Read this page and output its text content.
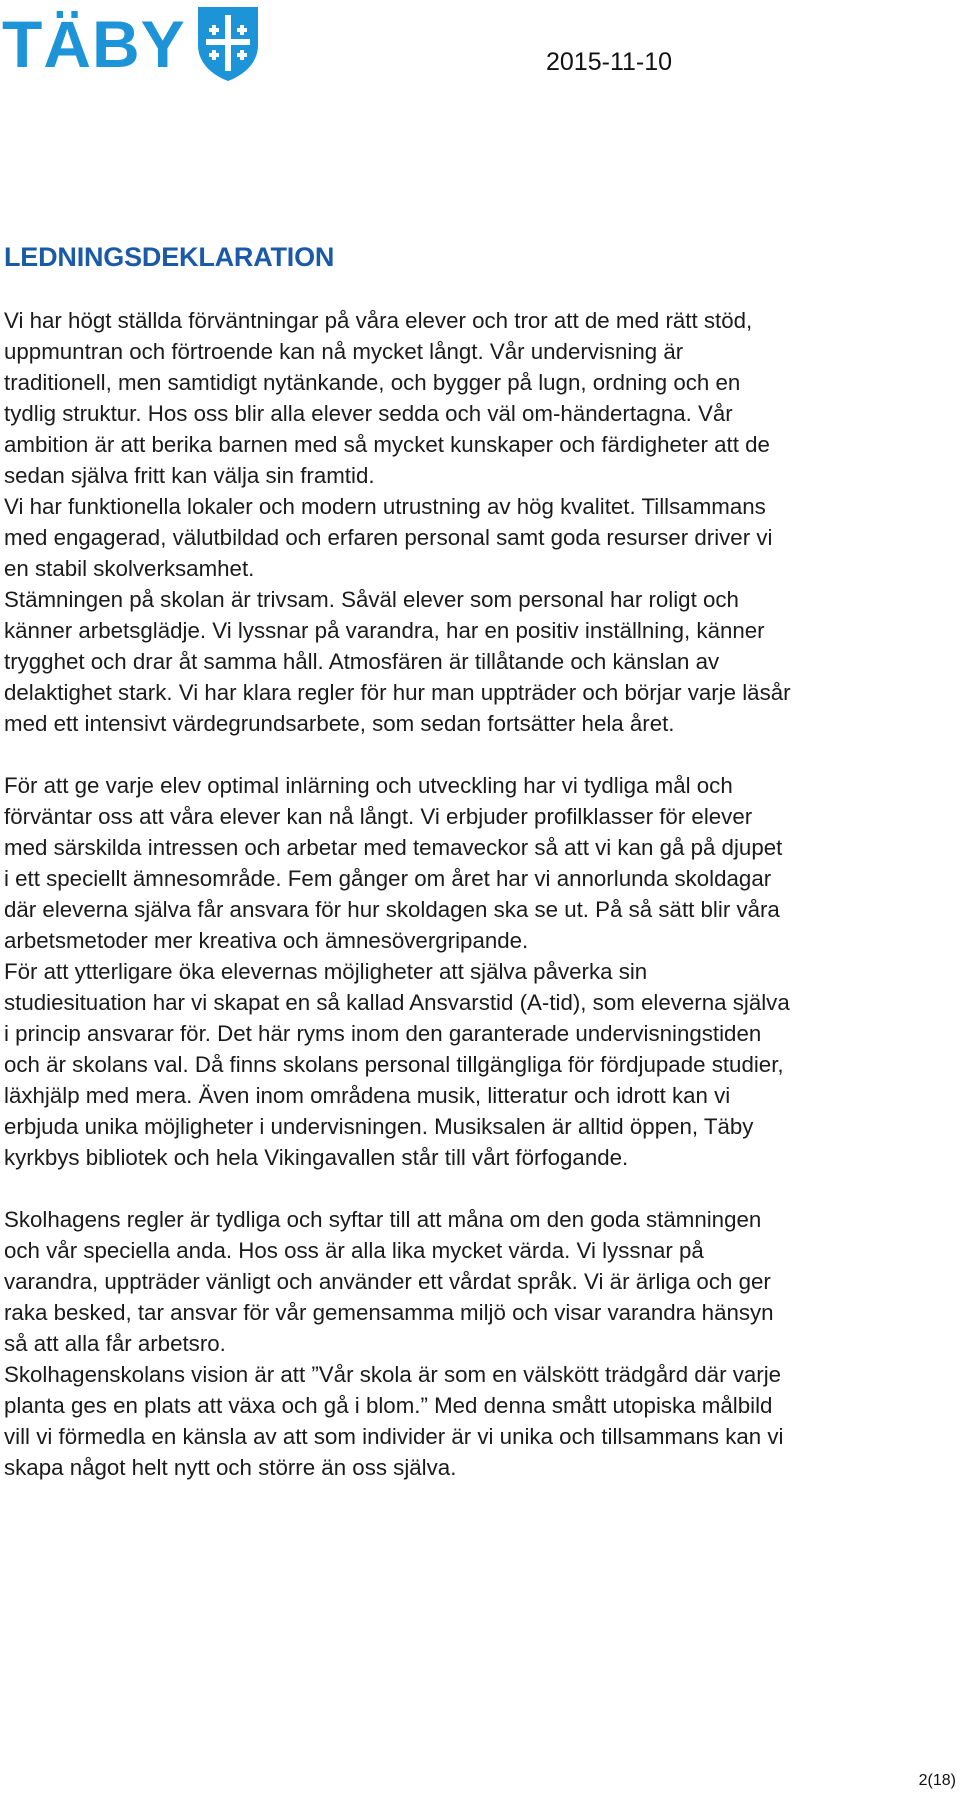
TÄBY	2015-11-10
LEDNINGSDEKLARATION
Vi har högt ställda förväntningar på våra elever och tror att de med rätt stöd,
uppmuntran och förtroende kan nå mycket långt. Vår undervisning är
traditionell, men samtidigt nytänkande, och bygger på lugn, ordning och en
tydlig struktur. Hos oss blir alla elever sedda och väl om-händertagna. Vår
ambition är att berika barnen med så mycket kunskaper och färdigheter att de
sedan själva fritt kan välja sin framtid.
Vi har funktionella lokaler och modern utrustning av hög kvalitet. Tillsammans
med engagerad, välutbildad och erfaren personal samt goda resurser driver vi
en stabil skolverksamhet.
Stämningen på skolan är trivsam. Såväl elever som personal har roligt och
känner arbetsglädje. Vi lyssnar på varandra, har en positiv inställning, känner
trygghet och drar åt samma håll. Atmosfären är tillåtande och känslan av
delaktighet stark. Vi har klara regler för hur man uppträder och börjar varje läsår
med ett intensivt värdegrundsarbete, som sedan fortsätter hela året.
För att ge varje elev optimal inlärning och utveckling har vi tydliga mål och
förväntar oss att våra elever kan nå långt. Vi erbjuder profilklasser för elever
med särskilda intressen och arbetar med temaveckor så att vi kan gå på djupet
i ett speciellt ämnesområde. Fem gånger om året har vi annorlunda skoldagar
där eleverna själva får ansvara för hur skoldagen ska se ut. På så sätt blir våra
arbetsmetoder mer kreativa och ämnesövergripande.
För att ytterligare öka elevernas möjligheter att själva påverka sin
studiesituation har vi skapat en så kallad Ansvarstid (A-tid), som eleverna själva
i princip ansvarar för. Det här ryms inom den garanterade undervisningstiden
och är skolans val. Då finns skolans personal tillgängliga för fördjupade studier,
läxhjälp med mera. Även inom områdena musik, litteratur och idrott kan vi
erbjuda unika möjligheter i undervisningen. Musiksalen är alltid öppen, Täby
kyrkbys bibliotek och hela Vikingavallen står till vårt förfogande.
Skolhagens regler är tydliga och syftar till att måna om den goda stämningen
och vår speciella anda. Hos oss är alla lika mycket värda. Vi lyssnar på
varandra, uppträder vänligt och använder ett vårdat språk. Vi är ärliga och ger
raka besked, tar ansvar för vår gemensamma miljö och visar varandra hänsyn
så att alla får arbetsro.
Skolhagenskolans vision är att ”Vår skola är som en välskött trädgård där varje
planta ges en plats att växa och gå i blom.” Med denna smått utopiska målbild
vill vi förmedla en känsla av att som individer är vi unika och tillsammans kan vi
skapa något helt nytt och större än oss själva.
2(18)
